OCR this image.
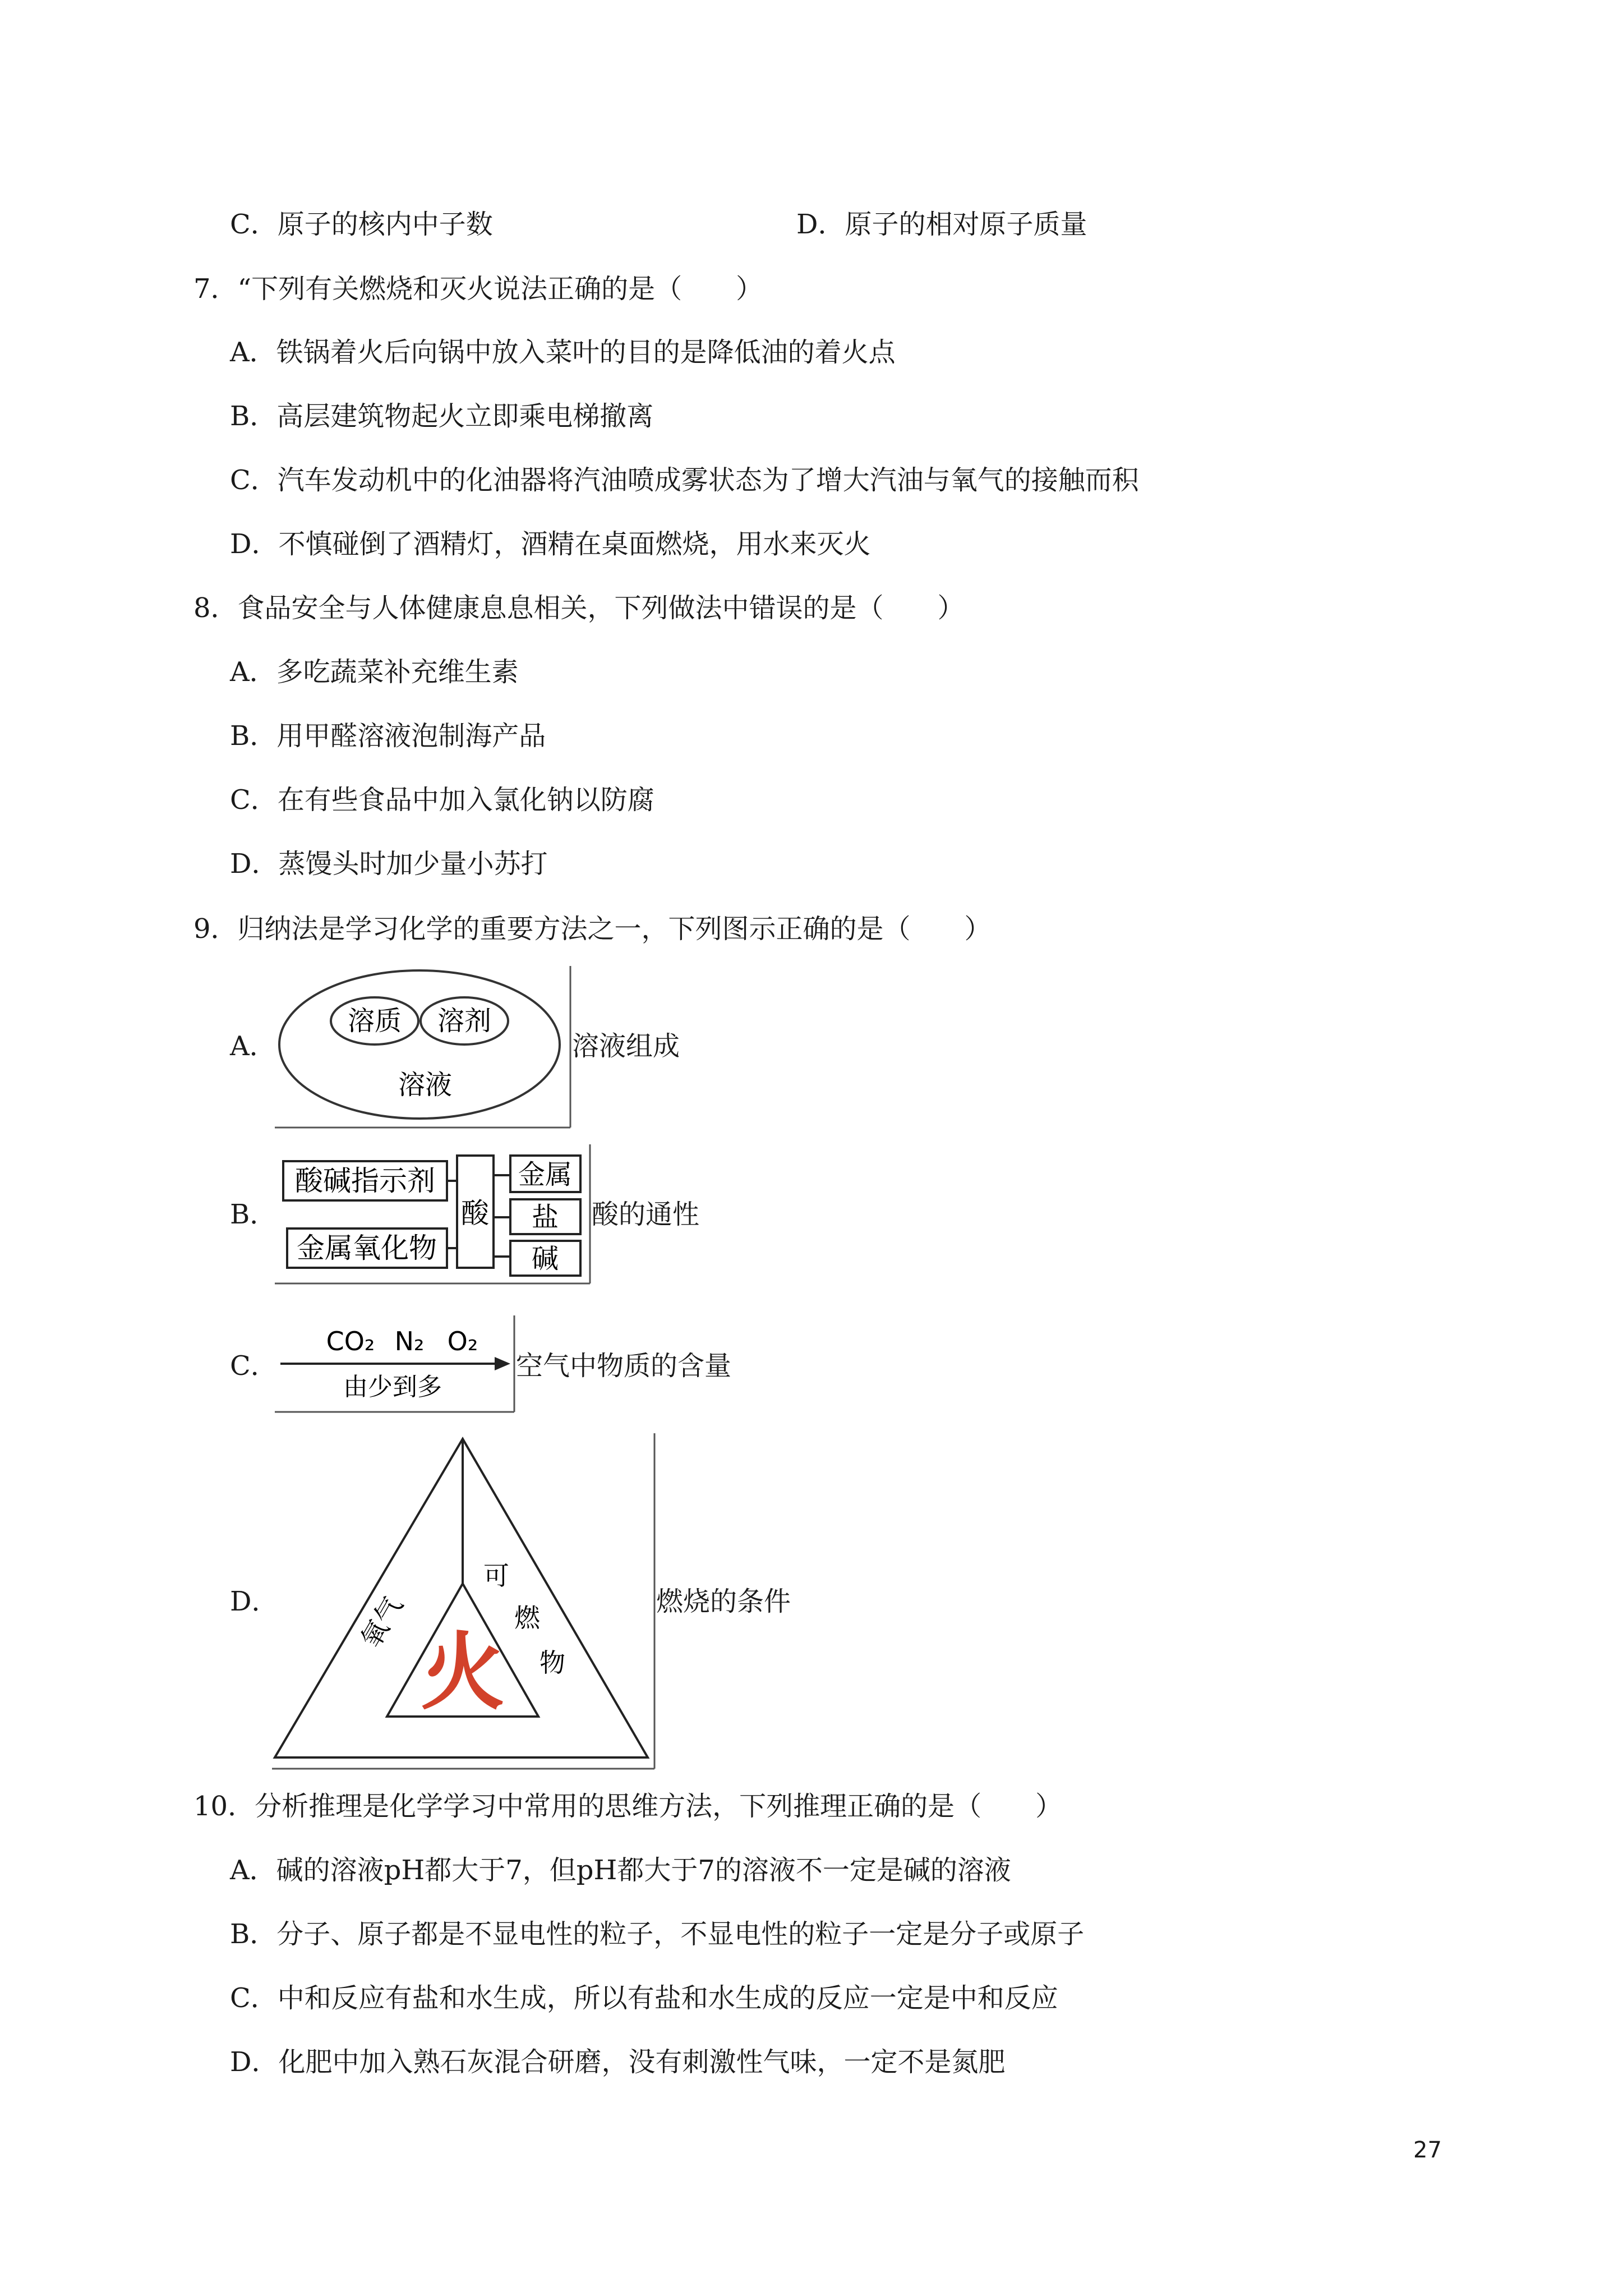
C．原子的核内中子数	D．原子的相对原子质量
7．“下列有关燃烧和灭火说法正确的是（　　）
A．铁锅着火后向锅中放入菜叶的目的是降低油的着火点
B．高层建筑物起火立即乘电梯撤离
C．汽车发动机中的化油器将汽油喷成雾状态为了增大汽油与氧气的接触而积
D．不慎碰倒了酒精灯，酒精在桌面燃烧，用水来灭火
8．食品安全与人体健康息息相关，下列做法中错误的是（　　）
A．多吃蔬菜补充维生素
B．用甲醛溶液泡制海产品
C．在有些食品中加入氯化钠以防腐
D．蒸馒头时加少量小苏打
9．归纳法是学习化学的重要方法之一，下列图示正确的是（　　）
A．
溶质 溶剂
溶液
溶液组成
B．
酸碱指示剂
金属氧化物
酸
金属
盐
碱
酸的通性
C．
CO₂ N₂ O₂
由少到多
空气中物质的含量
D．	氧气
可
燃
物
火
燃烧的条件
10．分析推理是化学学习中常用的思维方法，下列推理正确的是（　　）
A．碱的溶液pH都大于7，但pH都大于7的溶液不一定是碱的溶液
B．分子、原子都是不显电性的粒子，不显电性的粒子一定是分子或原子
C．中和反应有盐和水生成，所以有盐和水生成的反应一定是中和反应
D．化肥中加入熟石灰混合研磨，没有刺激性气味，一定不是氮肥
27
